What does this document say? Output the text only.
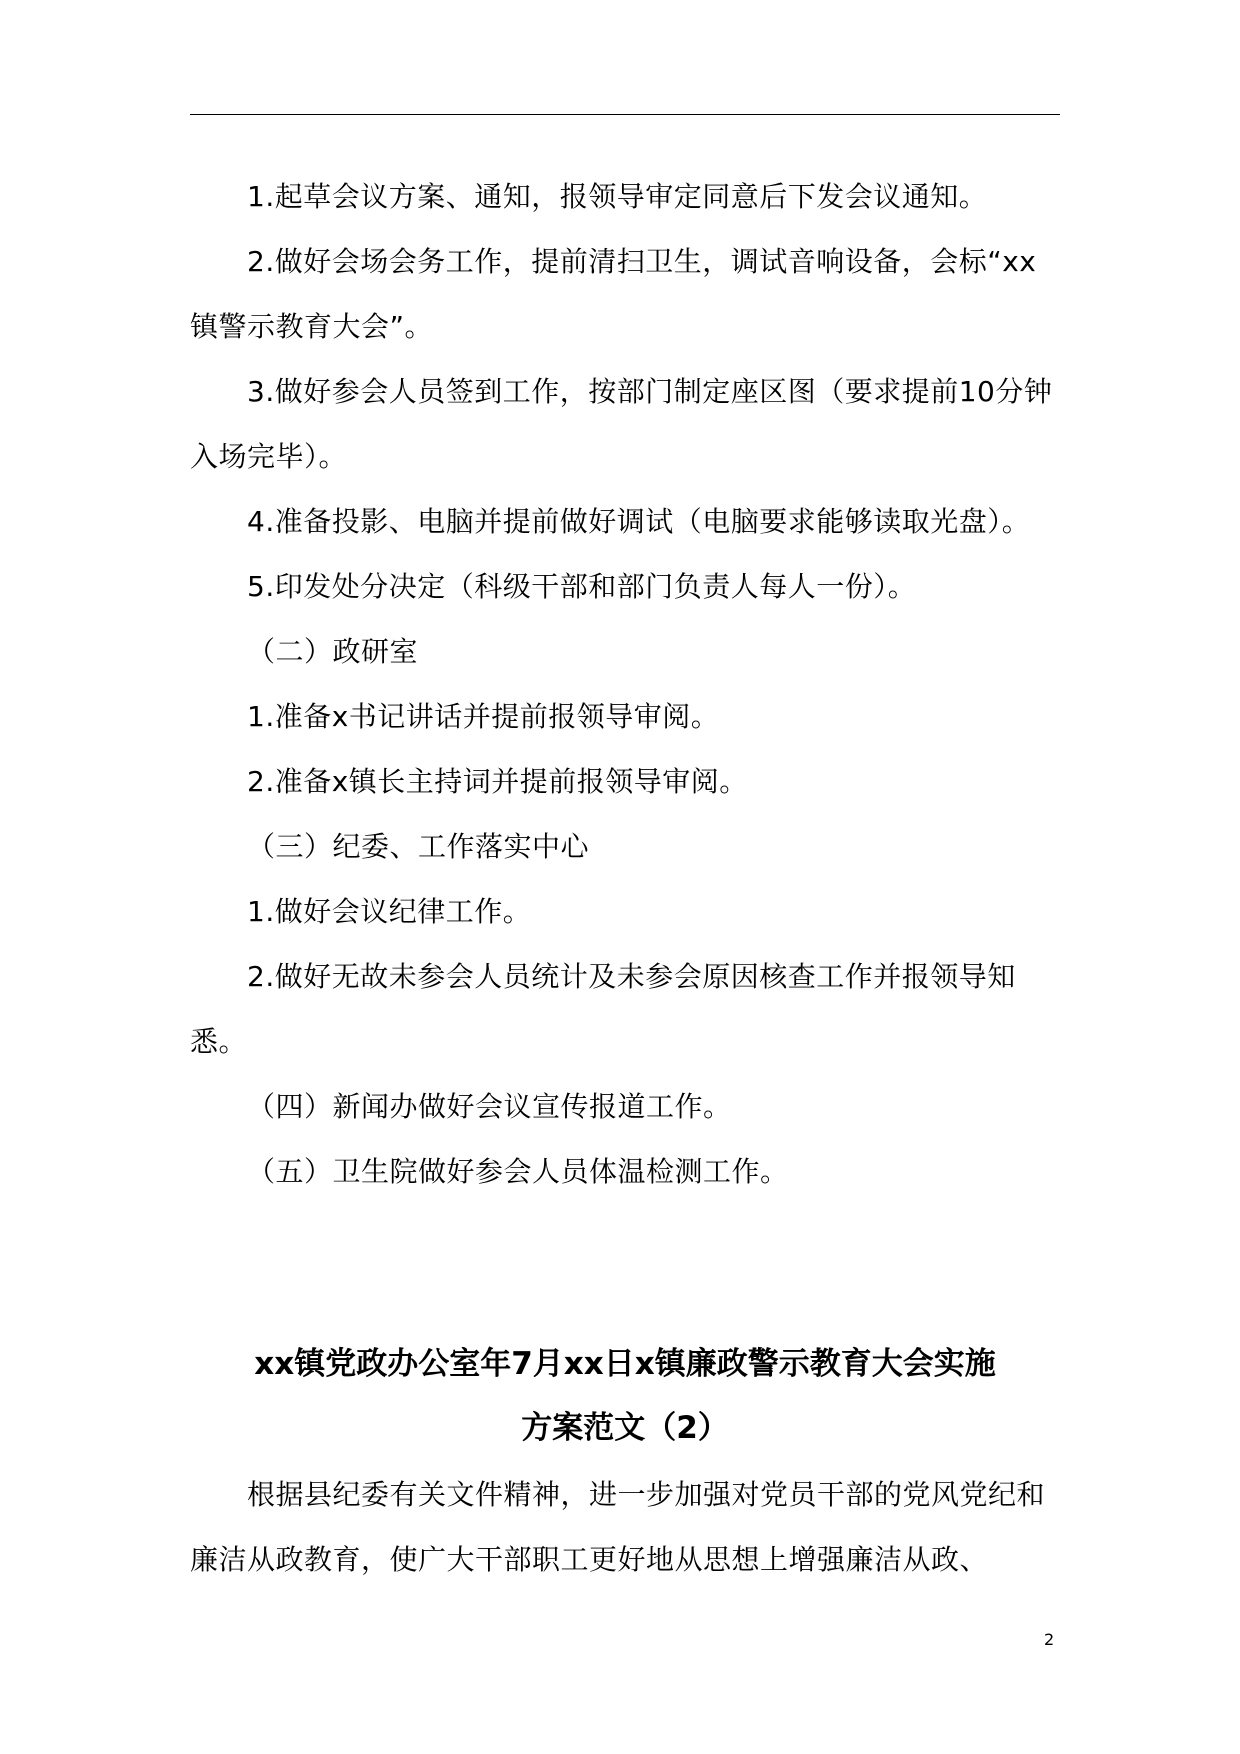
1.起草会议方案、通知，报领导审定同意后下发会议通知。
2.做好会场会务工作，提前清扫卫生，调试音响设备，会标“xx镇警示教育大会”。
3.做好参会人员签到工作，按部门制定座区图（要求提前10分钟入场完毕）。
4.准备投影、电脑并提前做好调试（电脑要求能够读取光盘）。
5.印发处分决定（科级干部和部门负责人每人一份）。
（二）政研室
1.准备x书记讲话并提前报领导审阅。
2.准备x镇长主持词并提前报领导审阅。
（三）纪委、工作落实中心
1.做好会议纪律工作。
2.做好无故未参会人员统计及未参会原因核查工作并报领导知悉。
（四）新闻办做好会议宣传报道工作。
（五）卫生院做好参会人员体温检测工作。
xx镇党政办公室年7月xx日x镇廉政警示教育大会实施
方案范文（2）
根据县纪委有关文件精神，进一步加强对党员干部的党风党纪和廉洁从政教育，使广大干部职工更好地从思想上增强廉洁从政、
2
